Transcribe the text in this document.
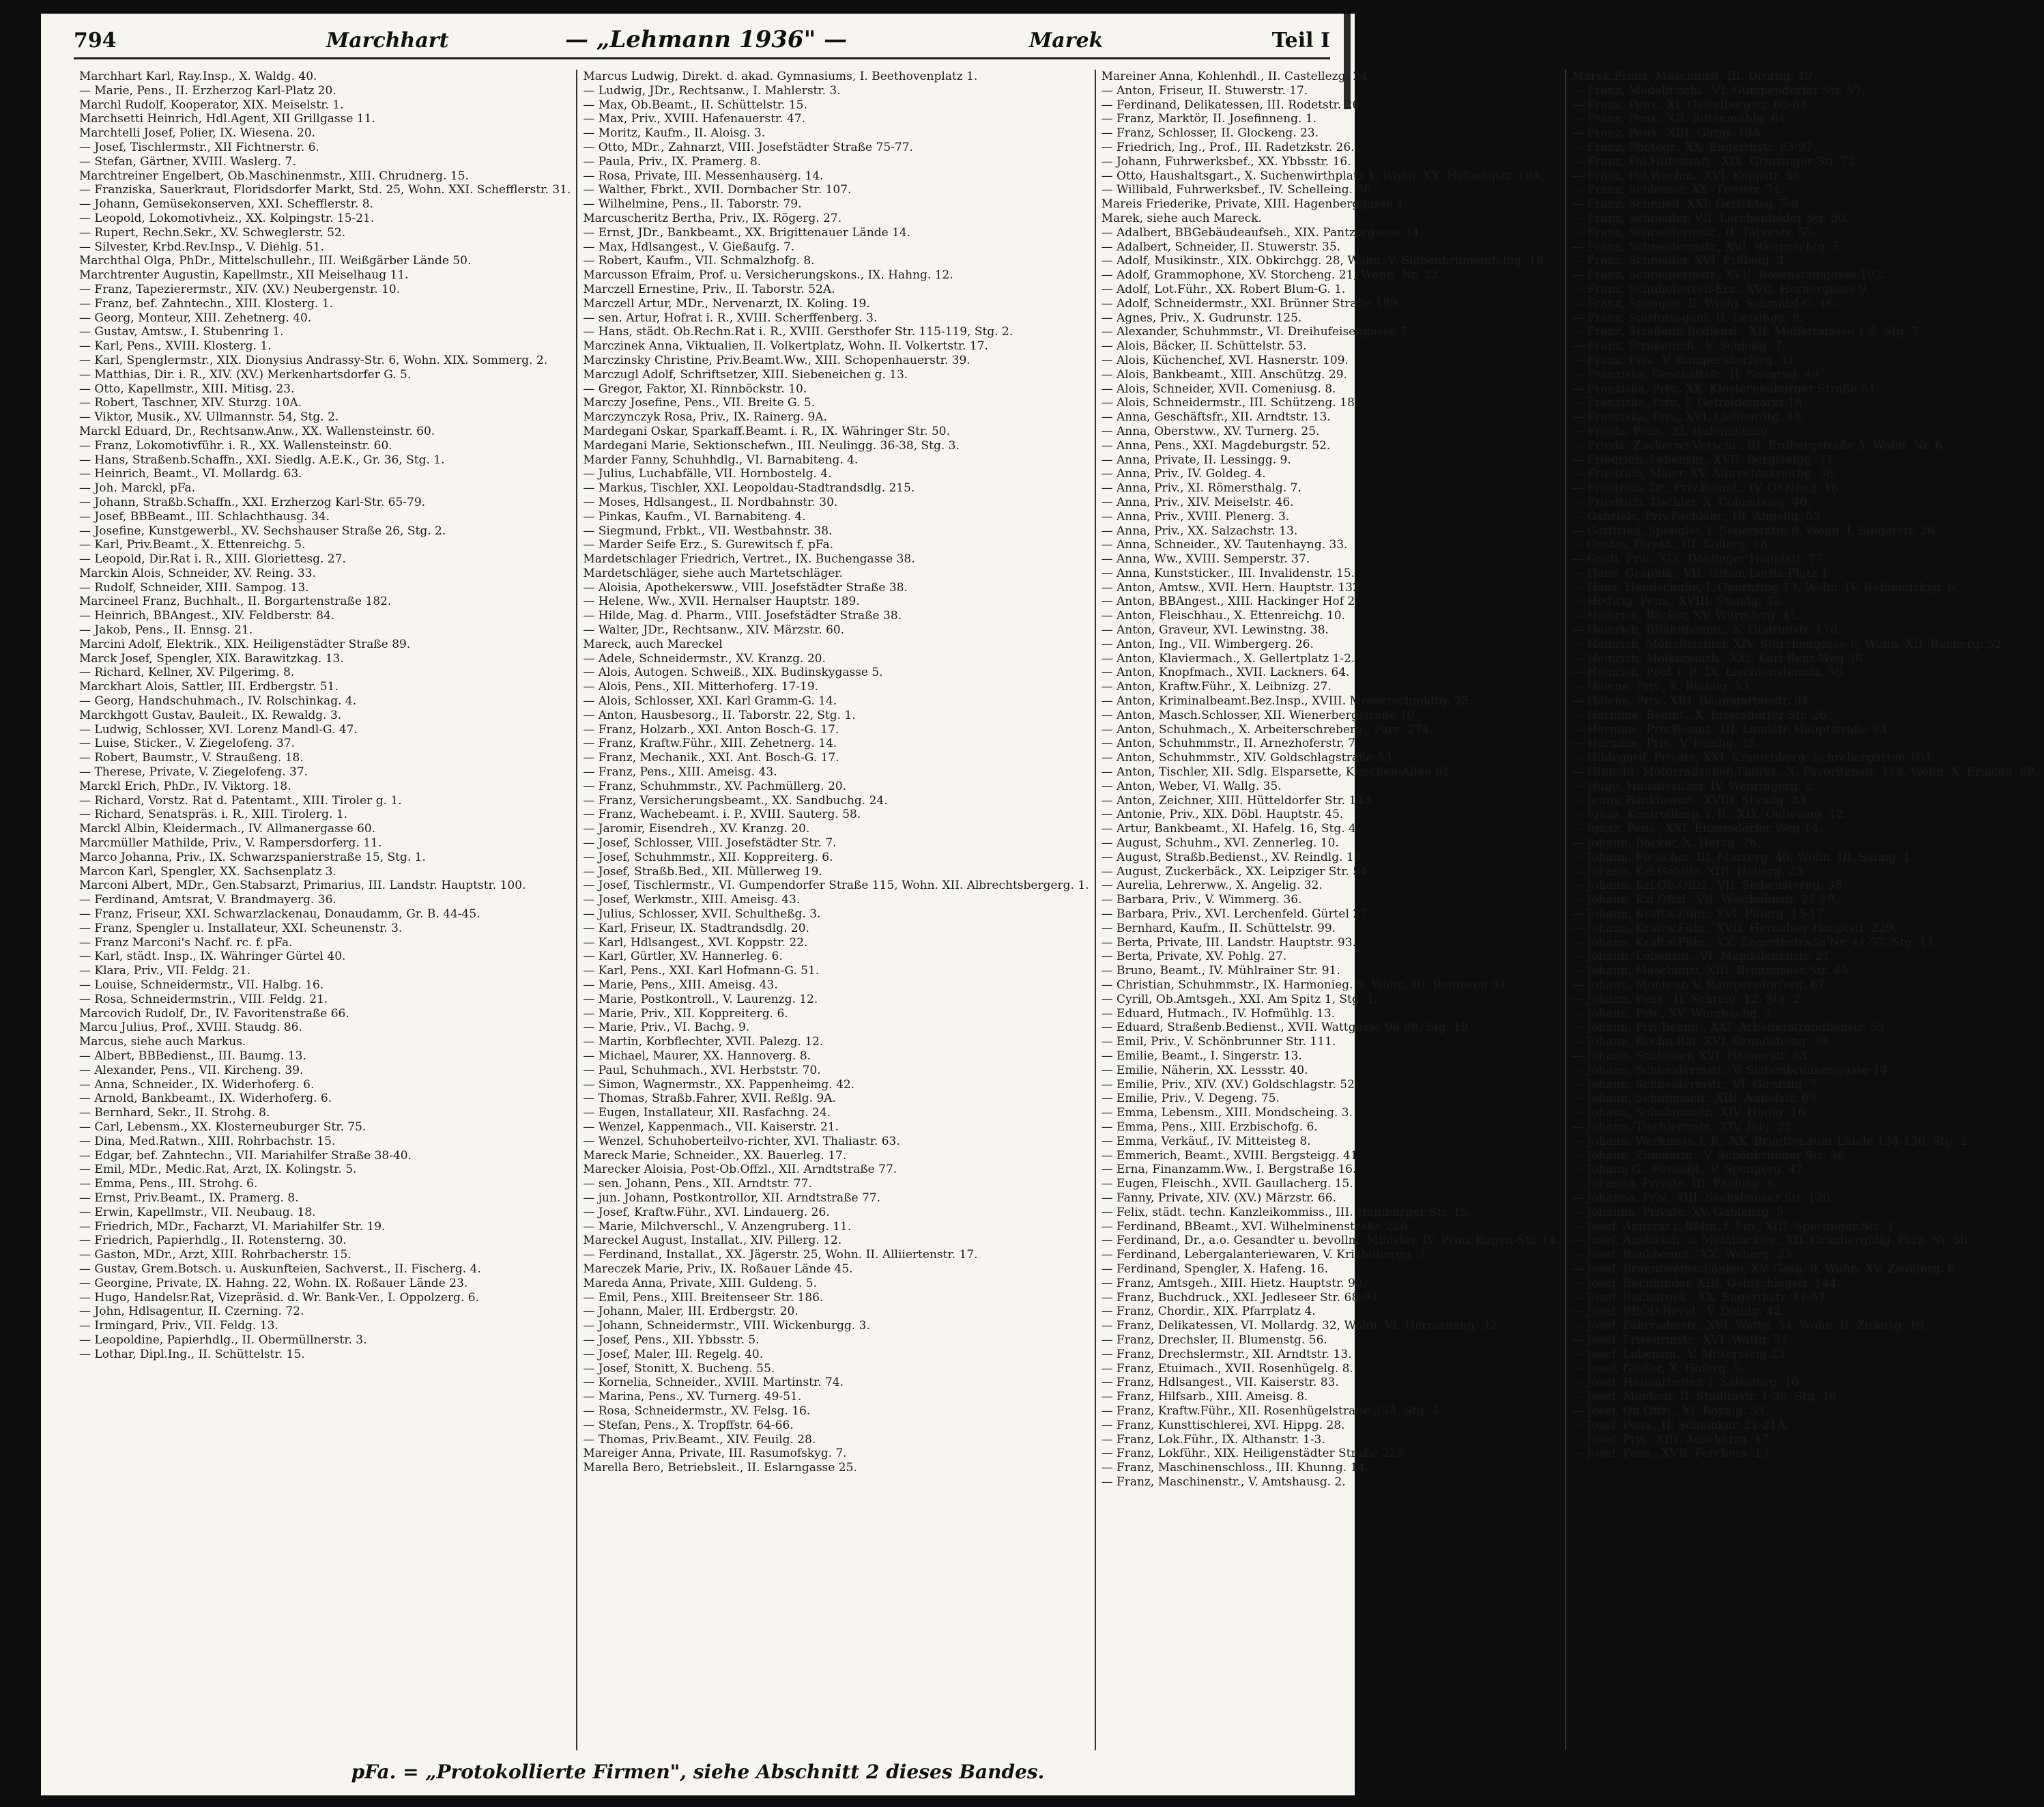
794	Marchhart	— „Lehmann 1936" —	Marek	Teil I

Marchhart Karl, Ray.Insp., X. Waldg. 40.

— Marie, Pens., II. Erzherzog Karl-Platz 20.

Marchl Rudolf, Kooperator, XIX. Meiselstr. 1.

Marchsetti Heinrich, Hdl.Agent, XII Grillgasse 11.

Marchtelli Josef, Polier, IX. Wiesena. 20.

— Josef, Tischlermstr., XII Fichtnerstr. 6.

— Stefan, Gärtner, XVIII. Waslerg. 7.

Marchtreiner Engelbert, Ob.Maschinenmstr., XIII. Chrudnerg. 15.

— Franziska, Sauerkraut, Floridsdorfer Markt, Std. 25, Wohn. XXI. Schefflerstr. 31.

— Johann, Gemüsekonserven, XXI. Schefflerstr. 8.

— Leopold, Lokomotivheiz., XX. Kolpingstr. 15-21.

— Rupert, Rechn.Sekr., XV. Schweglerstr. 52.

— Silvester, Krbd.Rev.Insp., V. Diehlg. 51.

Marchthal Olga, PhDr., Mittelschullehr., III. Weißgärber Lände 50.

Marchtrenter Augustin, Kapellmstr., XII Meiselhaug 11.

— Franz, Tapezierermstr., XIV. (XV.) Neubergenstr. 10.

— Franz, bef. Zahntechn., XIII. Klosterg. 1.

— Georg, Monteur, XIII. Zehetnerg. 40.

— Gustav, Amtsw., I. Stubenring 1.

— Karl, Pens., XVIII. Klosterg. 1.

— Karl, Spenglermstr., XIX. Dionysius Andrassy-Str. 6, Wohn. XIX. Sommerg. 2.

— Matthias, Dir. i. R., XIV. (XV.) Merkenhartsdorfer G. 5.

— Otto, Kapellmstr., XIII. Mitisg. 23.

— Robert, Taschner, XIV. Sturzg. 10A.

— Viktor, Musik., XV. Ullmannstr. 54, Stg. 2.

Marckl Eduard, Dr., Rechtsanw.Anw., XX. Wallensteinstr. 60.

— Franz, Lokomotivführ. i. R., XX. Wallensteinstr. 60.

— Hans, Straßenb.Schaffn., XXI. Siedlg. A.E.K., Gr. 36, Stg. 1.

— Heinrich, Beamt., VI. Mollardg. 63.

— Joh. Marckl, pFa.

— Johann, Straßb.Schaffn., XXI. Erzherzog Karl-Str. 65-79.

— Josef, BBBeamt., III. Schlachthausg. 34.

— Josefine, Kunstgewerbl., XV. Sechshauser Straße 26, Stg. 2.

— Karl, Priv.Beamt., X. Ettenreichg. 5.

— Leopold, Dir.Rat i. R., XIII. Gloriettesg. 27.

Marckin Alois, Schneider, XV. Reing. 33.

— Rudolf, Schneider, XIII. Sampog. 13.

Marcineel Franz, Buchhalt., II. Borgartenstraße 182.

— Heinrich, BBAngest., XIV. Feldberstr. 84.

— Jakob, Pens., II. Ennsg. 21.

Marcini Adolf, Elektrik., XIX. Heiligenstädter Straße 89.

Marck Josef, Spengler, XIX. Barawitzkag. 13.

— Richard, Kellner, XV. Pilgerimg. 8.

Marckhart Alois, Sattler, III. Erdbergstr. 51.

— Georg, Handschuhmach., IV. Rolschinkag. 4.

Marckhgott Gustav, Bauleit., IX. Rewaldg. 3.

— Ludwig, Schlosser, XVI. Lorenz Mandl-G. 47.

— Luise, Sticker., V. Ziegelofeng. 37.

— Robert, Baumstr., V. Straußeng. 18.

— Therese, Private, V. Ziegelofeng. 37.

Marckl Erich, PhDr., IV. Viktorg. 18.

— Richard, Vorstz. Rat d. Patentamt., XIII. Tiroler g. 1.

— Richard, Senatspräs. i. R., XIII. Tirolerg. 1.

Marckl Albin, Kleidermach., IV. Allmanergasse 60.

Marcmüller Mathilde, Priv., V. Rampersdorferg. 11.

Marco Johanna, Priv., IX. Schwarzspanierstraße 15, Stg. 1.

Marcon Karl, Spengler, XX. Sachsenplatz 3.

Marconi Albert, MDr., Gen.Stabsarzt, Primarius, III. Landstr. Hauptstr. 100.

— Ferdinand, Amtsrat, V. Brandmayerg. 36.

— Franz, Friseur, XXI. Schwarzlackenau, Donaudamm, Gr. B. 44-45.

— Franz, Spengler u. Installateur, XXI. Scheunenstr. 3.

— Franz Marconi's Nachf. rc. f. pFa.

— Karl, städt. Insp., IX. Währinger Gürtel 40.

— Klara, Priv., VII. Feldg. 21.

— Louise, Schneidermstr., VII. Halbg. 16.

— Rosa, Schneidermstrin., VIII. Feldg. 21.

Marcovich Rudolf, Dr., IV. Favoritenstraße 66.

Marcu Julius, Prof., XVIII. Staudg. 86.

Marcus, siehe auch Markus.

— Albert, BBBedienst., III. Baumg. 13.

— Alexander, Pens., VII. Kircheng. 39.

— Anna, Schneider., IX. Widerhoferg. 6.

— Arnold, Bankbeamt., IX. Widerhoferg. 6.

— Bernhard, Sekr., II. Strohg. 8.

— Carl, Lebensm., XX. Klosterneuburger Str. 75.

— Dina, Med.Ratwn., XIII. Rohrbachstr. 15.

— Edgar, bef. Zahntechn., VII. Mariahilfer Straße 38-40.

— Emil, MDr., Medic.Rat, Arzt, IX. Kolingstr. 5.

— Emma, Pens., III. Strohg. 6.

— Ernst, Priv.Beamt., IX. Pramerg. 8.

— Erwin, Kapellmstr., VII. Neubaug. 18.

— Friedrich, MDr., Facharzt, VI. Mariahilfer Str. 19.

— Friedrich, Papierhdlg., II. Rotensterng. 30.

— Gaston, MDr., Arzt, XIII. Rohrbacherstr. 15.

— Gustav, Grem.Botsch. u. Auskunfteien, Sachverst., II. Fischerg. 4.

— Georgine, Private, IX. Hahng. 22, Wohn. IX. Roßauer Lände 23.

— Hugo, Handelsr.Rat, Vizepräsid. d. Wr. Bank-Ver., I. Oppolzerg. 6.

— John, Hdlsagentur, II. Czerning. 72.

— Irmingard, Priv., VII. Feldg. 13.

— Leopoldine, Papierhdlg., II. Obermüllnerstr. 3.

— Lothar, Dipl.Ing., II. Schüttelstr. 15.

Marcus Ludwig, Direkt. d. akad. Gymnasiums, I. Beethovenplatz 1.

— Ludwig, JDr., Rechtsanw., I. Mahlerstr. 3.

— Max, Ob.Beamt., II. Schüttelstr. 15.

— Max, Priv., XVIII. Hafenauerstr. 47.

— Moritz, Kaufm., II. Aloisg. 3.

— Otto, MDr., Zahnarzt, VIII. Josefstädter Straße 75-77.

— Paula, Priv., IX. Pramerg. 8.

— Rosa, Private, III. Messenhauserg. 14.

— Walther, Fbrkt., XVII. Dornbacher Str. 107.

— Wilhelmine, Pens., II. Taborstr. 79.

Marcuscheritz Bertha, Priv., IX. Rögerg. 27.

— Ernst, JDr., Bankbeamt., XX. Brigittenauer Lände 14.

— Max, Hdlsangest., V. Gießaufg. 7.

— Robert, Kaufm., VII. Schmalzhofg. 8.

Marcusson Efraim, Prof. u. Versicherungskons., IX. Hahng. 12.

Marczell Ernestine, Priv., II. Taborstr. 52A.

Marczell Artur, MDr., Nervenarzt, IX. Koling. 19.

— sen. Artur, Hofrat i. R., XVIII. Scherffenberg. 3.

— Hans, städt. Ob.Rechn.Rat i. R., XVIII. Gersthofer Str. 115-119, Stg. 2.

Marczinek Anna, Viktualien, II. Volkertplatz, Wohn. II. Volkertstr. 17.

Marczinsky Christine, Priv.Beamt.Ww., XIII. Schopenhauerstr. 39.

Marczugl Adolf, Schriftsetzer, XIII. Siebeneichen g. 13.

— Gregor, Faktor, XI. Rinnböckstr. 10.

Marczy Josefine, Pens., VII. Breite G. 5.

Marczynczyk Rosa, Priv., IX. Rainerg. 9A.

Mardegani Oskar, Sparkaff.Beamt. i. R., IX. Währinger Str. 50.

Mardegani Marie, Sektionschefwn., III. Neulingg. 36-38, Stg. 3.

Marder Fanny, Schuhhdlg., VI. Barnabiteng. 4.

— Julius, Luchabfälle, VII. Hornbostelg. 4.

— Markus, Tischler, XXI. Leopoldau-Stadtrandsdlg. 215.

— Moses, Hdlsangest., II. Nordbahnstr. 30.

— Pinkas, Kaufm., VI. Barnabiteng. 4.

— Siegmund, Frbkt., VII. Westbahnstr. 38.

— Marder Seife Erz., S. Gurewitsch f. pFa.

Mardetschlager Friedrich, Vertret., IX. Buchengasse 38.

Mardetschläger, siehe auch Martetschläger.

— Aloisia, Apothekersww., VIII. Josefstädter Straße 38.

— Helene, Ww., XVII. Hernalser Hauptstr. 189.

— Hilde, Mag. d. Pharm., VIII. Josefstädter Straße 38.

— Walter, JDr., Rechtsanw., XIV. Märzstr. 60.

Mareck, auch Mareckel

— Adele, Schneidermstr., XV. Kranzg. 20.

— Alois, Autogen. Schweiß., XIX. Budinskygasse 5.

— Alois, Pens., XII. Mitterhoferg. 17-19.

— Alois, Schlosser, XXI. Karl Gramm-G. 14.

— Anton, Hausbesorg., II. Taborstr. 22, Stg. 1.

— Franz, Holzarb., XXI. Anton Bosch-G. 17.

— Franz, Kraftw.Führ., XIII. Zehetnerg. 14.

— Franz, Mechanik., XXI. Ant. Bosch-G. 17.

— Franz, Pens., XIII. Ameisg. 43.

— Franz, Schuhmmstr., XV. Pachmüllerg. 20.

— Franz, Versicherungsbeamt., XX. Sandbuchg. 24.

— Franz, Wachebeamt. i. P., XVIII. Sauterg. 58.

— Jaromir, Eisendreh., XV. Kranzg. 20.

— Josef, Schlosser, VIII. Josefstädter Str. 7.

— Josef, Schuhmmstr., XII. Koppreiterg. 6.

— Josef, Straßb.Bed., XII. Müllerweg 19.

— Josef, Tischlermstr., VI. Gumpendorfer Straße 115, Wohn. XII. Albrechtsbergerg. 1.

— Josef, Werkmstr., XIII. Ameisg. 43.

— Julius, Schlosser, XVII. Schultheßg. 3.

— Karl, Friseur, IX. Stadtrandsdlg. 20.

— Karl, Hdlsangest., XVI. Koppstr. 22.

— Karl, Gürtler, XV. Hannerleg. 6.

— Karl, Pens., XXI. Karl Hofmann-G. 51.

— Marie, Pens., XIII. Ameisg. 43.

— Marie, Postkontroll., V. Laurenzg. 12.

— Marie, Priv., XII. Koppreiterg. 6.

— Marie, Priv., VI. Bachg. 9.

— Martin, Korbflechter, XVII. Palezg. 12.

— Michael, Maurer, XX. Hannoverg. 8.

— Paul, Schuhmach., XVI. Herbststr. 70.

— Simon, Wagnermstr., XX. Pappenheimg. 42.

— Thomas, Straßb.Fahrer, XVII. Reßlg. 9A.

— Eugen, Installateur, XII. Rasfachng. 24.

— Wenzel, Kappenmach., VII. Kaiserstr. 21.

— Wenzel, Schuhoberteilvo-richter, XVI. Thaliastr. 63.

Mareck Marie, Schneider., XX. Bauerleg. 17.

Marecker Aloisia, Post-Ob.Offzl., XII. Arndtstraße 77.

— sen. Johann, Pens., XII. Arndtstr. 77.

— jun. Johann, Postkontrollor, XII. Arndtstraße 77.

— Josef, Kraftw.Führ., XVI. Lindauerg. 26.

— Marie, Milchverschl., V. Anzengruberg. 11.

Mareckel August, Installat., XIV. Pillerg. 12.

— Ferdinand, Installat., XX. Jägerstr. 25, Wohn. II. Alliiertenstr. 17.

Mareczek Marie, Priv., IX. Roßauer Lände 45.

Mareda Anna, Private, XIII. Guldeng. 5.

— Emil, Pens., XIII. Breitenseer Str. 186.

— Johann, Maler, III. Erdbergstr. 20.

— Johann, Schneidermstr., VIII. Wickenburgg. 3.

— Josef, Pens., XII. Ybbsstr. 5.

— Josef, Maler, III. Regelg. 40.

— Josef, Stonitt, X. Bucheng. 55.

— Kornelia, Schneider., XVIII. Martinstr. 74.

— Marina, Pens., XV. Turnerg. 49-51.

— Rosa, Schneidermstr., XV. Felsg. 16.

— Stefan, Pens., X. Tropffstr. 64-66.

— Thomas, Priv.Beamt., XIV. Feuilg. 28.

Mareiger Anna, Private, III. Rasumofskyg. 7.

Marella Bero, Betriebsleit., II. Eslarngasse 25.

Mareiner Anna, Kohlenhdl., II. Castellezg. 24.

— Anton, Friseur, II. Stuwerstr. 17.

— Ferdinand, Delikatessen, III. Rodetstr. 26.

— Franz, Marktör, II. Josefinneng. 1.

— Franz, Schlosser, II. Glockeng. 23.

— Friedrich, Ing., Prof., III. Radetzkstr. 26.

— Johann, Fuhrwerksbef., XX. Ybbsstr. 16.

— Otto, Haushaltsgart., X. Suchenwirthplatz 1, Wohn. XX. Hellwagstr. 16A.

— Willibald, Fuhrwerksbef., IV. Schelleing. 50.

Mareis Friederike, Private, XIII. Hagenberggasse 1.

Marek, siehe auch Mareck.

— Adalbert, BBGebäudeaufseh., XIX. Pantzergasse 14.

— Adalbert, Schneider, II. Stuwerstr. 35.

— Adolf, Musikinstr., XIX. Obkirchgg. 28, Wohn. V. Siebenbrunnenfeldg. 16.

— Adolf, Grammophone, XV. Storcheng. 21, Wohn. Nr. 22.

— Adolf, Lot.Führ., XX. Robert Blum-G. 1.

— Adolf, Schneidermstr., XXI. Brünner Straße 189.

— Agnes, Priv., X. Gudrunstr. 125.

— Alexander, Schuhmmstr., VI. Dreihufeisengasse 7.

— Alois, Bäcker, II. Schüttelstr. 53.

— Alois, Küchenchef, XVI. Hasnerstr. 109.

— Alois, Bankbeamt., XIII. Anschützg. 29.

— Alois, Schneider, XVII. Comeniusg. 8.

— Alois, Schneidermstr., III. Schützeng. 18.

— Anna, Geschäftsfr., XII. Arndtstr. 13.

— Anna, Oberstww., XV. Turnerg. 25.

— Anna, Pens., XXI. Magdeburgstr. 52.

— Anna, Private, II. Lessingg. 9.

— Anna, Priv., IV. Goldeg. 4.

— Anna, Priv., XI. Römersthalg. 7.

— Anna, Priv., XIV. Meiselstr. 46.

— Anna, Priv., XVIII. Plenerg. 3.

— Anna, Priv., XX. Salzachstr. 13.

— Anna, Schneider., XV. Tautenhayng. 33.

— Anna, Ww., XVIII. Semperstr. 37.

— Anna, Kunststicker., III. Invalidenstr. 15.

— Anton, Amtsw., XVII. Hern. Hauptstr. 132.

— Anton, BBAngest., XIII. Hackinger Hof 2.

— Anton, Fleischhau., X. Ettenreichg. 10.

— Anton, Graveur, XVI. Lewinstng. 38.

— Anton, Ing., VII. Wimbergerg. 26.

— Anton, Klaviermach., X. Gellertplatz 1-2.

— Anton, Knopfmach., XVII. Lackners. 64.

— Anton, Kraftw.Führ., X. Leibnizg. 27.

— Anton, Kriminalbeamt.Bez.Insp., XVIII. Messerschmidtg. 25.

— Anton, Masch.Schlosser, XII. Wienerbergstraße 10.

— Anton, Schuhmach., X. Arbeiterschreberg., Parz. 274.

— Anton, Schuhmmstr., II. Arnezhoferstr. 7.

— Anton, Schuhmmstr., XIV. Goldschlagstraße 53.

— Anton, Tischler, XII. Sdlg. Elsparsette, Kirschen-Allee 61.

— Anton, Weber, VI. Wallg. 35.

— Anton, Zeichner, XIII. Hütteldorfer Str. 143.

— Antonie, Priv., XIX. Döbl. Hauptstr. 45.

— Artur, Bankbeamt., XI. Hafelg. 16, Stg. 4.

— August, Schuhm., XVI. Zennerleg. 10.

— August, Straßb.Bedienst., XV. Reindlg. 19.

— August, Zuckerbäck., XX. Leipziger Str. 54.

— Aurelia, Lehrerww., X. Angelig. 32.

— Barbara, Priv., V. Wimmerg. 36.

— Barbara, Priv., XVI. Lerchenfeld. Gürtel 27.

— Bernhard, Kaufm., II. Schüttelstr. 99.

— Berta, Private, III. Landstr. Hauptstr. 93.

— Berta, Private, XV. Pohlg. 27.

— Bruno, Beamt., IV. Mühlrainer Str. 91.

— Christian, Schuhmmstr., IX. Harmonieg. 9, Wohn. III. Rennweg 94.

— Cyrill, Ob.Amtsgeh., XXI. Am Spitz 1, Stg. 1.

— Eduard, Hutmach., IV. Hofmühlg. 13.

— Eduard, Straßenb.Bedienst., XVII. Wattgasse 96-98, Stg. 19.

— Emil, Priv., V. Schönbrunner Str. 111.

— Emilie, Beamt., I. Singerstr. 13.

— Emilie, Näherin, XX. Lessstr. 40.

— Emilie, Priv., XIV. (XV.) Goldschlagstr. 52.

— Emilie, Priv., V. Degeng. 75.

— Emma, Lebensm., XIII. Mondscheing. 3.

— Emma, Pens., XIII. Erzbischofg. 6.

— Emma, Verkäuf., IV. Mitteisteg 8.

— Emmerich, Beamt., XVIII. Bergsteigg. 41.

— Erna, Finanzamm.Ww., I. Bergstraße 16.

— Eugen, Fleischh., XVII. Gaullacherg. 15.

— Fanny, Private, XIV. (XV.) Märzstr. 66.

— Felix, städt. techn. Kanzleikommiss., III. Hainburger Str. 15.

— Ferdinand, BBeamt., XVI. Wilhelminenstraße 226.

— Ferdinand, Dr., a.o. Gesandter u. bevollm. Minister, IV. Prinz Eugen-Str. 14.

— Ferdinand, Lebergalanteriewaren, V. Kriehubergg. 3.

— Ferdinand, Spengler, X. Hafeng. 16.

— Franz, Amtsgeh., XIII. Hietz. Hauptstr. 93.

— Franz, Buchdruck., XXI. Jedleseer Str. 68-94.

— Franz, Chordir., XIX. Pfarrplatz 4.

— Franz, Delikatessen, VI. Mollardg. 32, Wohn. VI. Hermaneng. 32.

— Franz, Drechsler, II. Blumenstg. 56.

— Franz, Drechslermstr., XII. Arndtstr. 13.

— Franz, Etuimach., XVII. Rosenhügelg. 8.

— Franz, Hdlsangest., VII. Kaiserstr. 83.

— Franz, Hilfsarb., XIII. Ameisg. 8.

— Franz, Kraftw.Führ., XII. Rosenhügelstraße 35A, Stg. 4.

— Franz, Kunsttischlerei, XVI. Hippg. 28.

— Franz, Lok.Führ., IX. Althanstr. 1-3.

— Franz, Lokführ., XIX. Heiligenstädter Straße 225.

— Franz, Maschinenschloss., III. Khunng. 14.

— Franz, Maschinenstr., V. Amtshausg. 2.

Marek Franz, Maschinist, III. Drorng. 19.

— Franz, Modelltischl., VI. Gumpendorfer Str. 57.

— Franz, Pens., XI. Geiselbergstr. 60-64.

— Franz, Pens., XII. Rotenmühlg. 61.

— Franz, Pens., XIII. Girgg. 19A.

— Franz, Photogr., XX. Engerthstr. 83-97.

— Franz, Pol.Hilfsstraft., XIX. Grinzinger Str. 72.

— Franz, Pol.Wachm., XVI. Koppstr. 58.

— Franz, Schlosser, XX. Treustr. 74.

— Franz, Schmied, XXI. Gerichtsg. 7-8.

— Franz, Schneider, VII. Lerchenfelder Str. 50.

— Franz, Schneidermstr., II. Taborstr. 55.

— Franz, Schneidermstr., XVI. Wenprechtg. 5.

— Franz, Schneider, XVI. Fröbelg. 3.

— Franz, Schneidermstr., XVII. Rosensteingasse 102.

— Franz, Schuhoberteil-Erz., XVII. Hornergasse 9.

— Franz, Spengler, II. Wolfg. Schmälzl-G. 16.

— Franz, Spiritusagent, II. Lessingg. 9.

— Franz, Straßenb.Bedienst., XII. Malfattigasse 1-5, Stg. 7.

— Franz, Straßenhdl., V. Schloßg. 7.

— Franz, Priv., V. Rampersdorferg. 31.

— Franziska, Geschäftsfr., II. Novarag. 49.

— Franziska, Priv., XX. Klosterneuburger Straße 51.

— Franziska, Priv., I. Getreidemarkt 18.

— Franziska, Priv., XVI. Liebhardtg. 16.

— Frieda, Pens., XI. Hafenleiteng.

— Frieda, Zuckerwr.Verschl., III. Erdbergstraße 5, Wohn. Nr. 6.

— Friedrich, Lebensm., XVII. Bergsteigg. 41.

— Friedrich, Maler, XV. Albrechtskreithg. 38.

— Friedrich, Dr., Priv.Beamt., IV. Gr.Neug. 16.

— Friedrich, Tischler, X. Columbusg. 40.

— Gabriele, Priv.Fachlehr., III. Angeliq. 53.

— Gottfried, Spengler, I. Seilerstätte 8, Wohn. I. Singerstr. 26.

— Gustav, Direkt., III. Kollerg. 18.

— Gusti, Priv., XIX. Döblinger Hauptstr. 77.

— Hans, Graphik., VII. Urban Loritz-Platz 1.

— Hans, Handschuhe, I. Opernring 13, Wohn. IV. Rafumofskyg. 6.

— Hedwig, Pens., XVIII. Staudg. 33.

— Heinrich, Bäcker, XV. Wurmferg. 41.

— Heinrich, BBahnbeamt., X. Gudrunstr. 178.

— Heinrich, Möbeltischler, XIV. Storchengasse 6, Wohn. XII. Ruckerg. 52.

— Heinrich, Molkereiarb., XXI. Karl Benz-Weg 38.

— Heinrich, Prof. i. P., IX. Liechtensteinstr. 56.

— Helene, Priv., X. Rudolg. 53.

— Helene, Priv., XIII. Baumgartenstr. 91.

— Hermine, Beamt., X. Inzersdorfer Str. 26.

— Hermine, Priv.Beamt., III. Landstr. Hauptstraße 93.

— Hermine, Priv., V. Fendig. 35.

— Hildegard, Private, XXI. Kranichberg. Schrebergarten 184.

— Hippolit, Motorradzubeh.Fabrkt., X. Favoritenstr. 114, Wohn. X. Erlachg. 89.

— Hugo, Hausbesitzer, IV. Wenringerg. 5.

— Jenny, Bankbeamt., XVIII. Staudg. 33.

— Ignaz, Kontrollinsp. i. R., XIX. Oelweing. 12.

— Ignaz, Pens., XXI. Enzersdorfer Weg 14.

— Johann, Bäcker, X. Herzg. 76.

— Johann, Fleischer, III. Marzerg. 40, Wohn. III. Salmg. 1.

— Johann, Kzl.Gehilfe, XIII. Hollerg. 23.

— Johann, Kzl.Ob.Offzl., VII. Siebensterng. 38.

— Johann, Kzl.Offzl., VII. Westbahnstr. 27-29.

— Johann, Kraftw.Führ., XVI. Pillerg. 15-17.

— Johann, Kraftw.Führ., XVII. Hernalser Hauptstr. 229.

— Johann, Kraftw.Führ., XX. Engerthstraße Nr. 41-57, Stg. 11.

— Johann, Lebensm., VI. Magdalenenstr. 21.

— Johann, Maschinist, XIII. Breitenseer Str. 45.

— Johann, Monteur, V. Rampersdorferg. 67.

— Johann, Pens., II. Schreig. 12, Stg. 2.

— Johann, Priv., XV. Wurzbachg. 2.

— Johann, Priv.Beamt., XXI. Arbeiterstrandbadstr. 53.

— Johann, Rechn.Rat, XVI. Grundsteing. 38.

— Johann, Schlosser, XVI. Hasnerstr. 63.

— Johann, Schneidermstr., V. Siebenbrunnengasse 14.

— Johann, Schneidermstr., VI. Girardig. 7.

— Johann, Schuhmach., XIII. Auhofstr. 69.

— Johann, Schuhmmstr., XIV. Huglg. 16.

— Johann, Tischlermstr., XIV. Jhlg. 22.

— Johann, Werkmstr. i. R., XX. Brigittenauer Lände 134-136, Stg. 2.

— Johann, Zimmerm., V. Schönbrunner Str. 36.

— Johann G., Postadjt., V. Spengerg. 47.

— Johanna, Private, III. Paulusg. 6.

— Johanna, Priv., XIII. Sechshauser Str. 120.

— Johanna, Private, XV. Gablenzg. 5.

— Josef, Amtsrat i. BMin. f. Fin., XIII. Speisinger Str. 3.

— Josef, Anstreich. u. Metallackier., XII. Grünbergfdlg. Parz. Nr. 5b.

— Josef, Bankbeamt., XX. Weberg. 23.

— Josef, Branntweinschänker, XV. Gasg. 9, Wohn. XV. Zwölferg. 6.

— Josef, Buchbinder, XIII. Goldschlagstr. 144.

— Josef, Buchdruck., XX. Engerthstr. 41-57.

— Josef, BBÖD.Revid., V. Diehlg. 42.

— Josef, Fahrradmstr., XVI. Wattg. 54, Wohn. II. Zirkusg. 16.

— Josef, Friseurmstr., XVI. Wattg. 34.

— Josef, Lebensm., V. Mittersteig 23.

— Josef, Gießer, X. Hoferg. 5.

— Josef, Heimarbeiter, I. Salvatorg. 10.

— Josef, Monteur, II. Stollitastr. 1-39, Stg. 16.

— Josef, Ob.Offzl., XI. Royalg. 53.

— Josef, Pens., II. Scheinkar. 21-21A.

— Josef, Priv., XIII. Anschützg. 17.

— Josef, Pens., XVII. Ferchers. 13.

pFa. = „Protokollierte Firmen", siehe Abschnitt 2 dieses Bandes.
